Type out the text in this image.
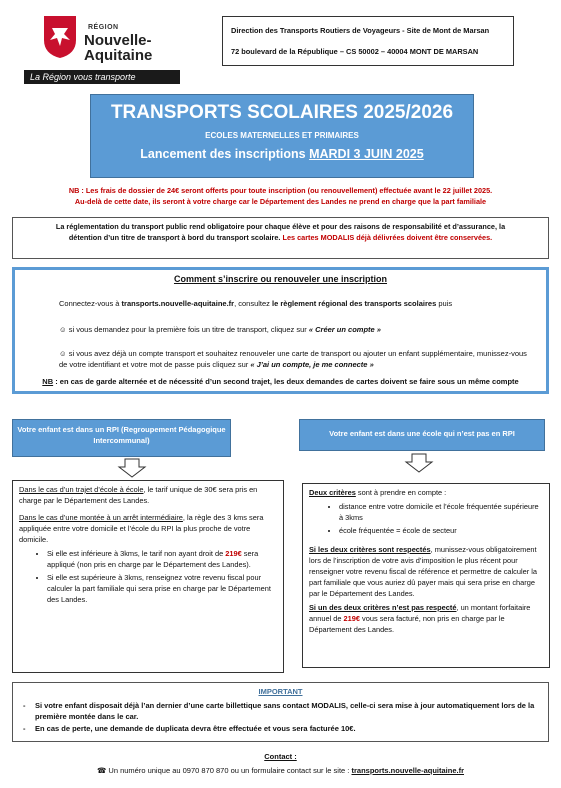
RÉGION
Nouvelle-
Aquitaine
La Région vous transporte
Direction des Transports Routiers de Voyageurs - Site de Mont de Marsan
72 boulevard de la République – CS 50002 – 40004 MONT DE MARSAN
TRANSPORTS SCOLAIRES 2025/2026
ECOLES MATERNELLES ET PRIMAIRES
Lancement des inscriptions MARDI 3 JUIN 2025
NB : Les frais de dossier de 24€ seront offerts pour toute inscription (ou renouvellement) effectuée avant le 22 juillet 2025.
Au-delà de cette date, ils seront à votre charge car le Département des Landes ne prend en charge que la part familiale
La réglementation du transport public rend obligatoire pour chaque élève et pour des raisons de responsabilité et d’assurance, la
détention d’un titre de transport à bord du transport scolaire. Les cartes MODALIS déjà délivrées doivent être conservées.
Comment s’inscrire ou renouveler une inscription
Connectez-vous à transports.nouvelle-aquitaine.fr, consultez le règlement régional des transports scolaires puis
☺ si vous demandez pour la première fois un titre de transport, cliquez sur « Créer un compte »
☺ si vous avez déjà un compte transport et souhaitez renouveler une carte de transport ou ajouter un enfant supplémentaire, munissez-vous de votre identifiant et votre mot de passe puis cliquez sur « J’ai un compte, je me connecte »
NB : en cas de garde alternée et de nécessité d’un second trajet, les deux demandes de cartes doivent se faire sous un même compte
Votre enfant est dans un RPI (Regroupement Pédagogique Intercommunal)
Votre enfant est dans une école qui n’est pas en RPI

Dans le cas d’un trajet d’école à école, le tarif unique de 30€ sera pris en charge par le Département des Landes.

Dans le cas d’une montée à un arrêt intermédiaire, la règle des 3 kms sera appliquée entre votre domicile et l’école du RPI la plus proche de votre domicile.

• Si elle est inférieure à 3kms, le tarif non ayant droit de 219€ sera appliqué (non pris en charge par le Département des Landes).
• Si elle est supérieure à 3kms, renseignez votre revenu fiscal pour calculer la part familiale qui sera prise en charge par le Département des Landes.

Deux critères sont à prendre en compte :

• distance entre votre domicile et l’école fréquentée supérieure à 3kms
• école fréquentée = école de secteur

Si les deux critères sont respectés, munissez-vous obligatoirement lors de l’inscription de votre avis d’imposition le plus récent pour renseigner votre revenu fiscal de référence et permettre de calculer la part familiale que vous auriez dû payer mais qui sera prise en charge par le Département des Landes.

Si un des deux critères n’est pas respecté, un montant forfaitaire annuel de 219€ vous sera facturé, non pris en charge par le Département des Landes.

IMPORTANT
- Si votre enfant disposait déjà l’an dernier d’une carte billettique sans contact MODALIS, celle-ci sera mise à jour automatiquement lors de la première montée dans le car.
- En cas de perte, une demande de duplicata devra être effectuée et vous sera facturée 10€.
Contact :
☎ Un numéro unique au 0970 870 870 ou un formulaire contact sur le site : transports.nouvelle-aquitaine.fr
